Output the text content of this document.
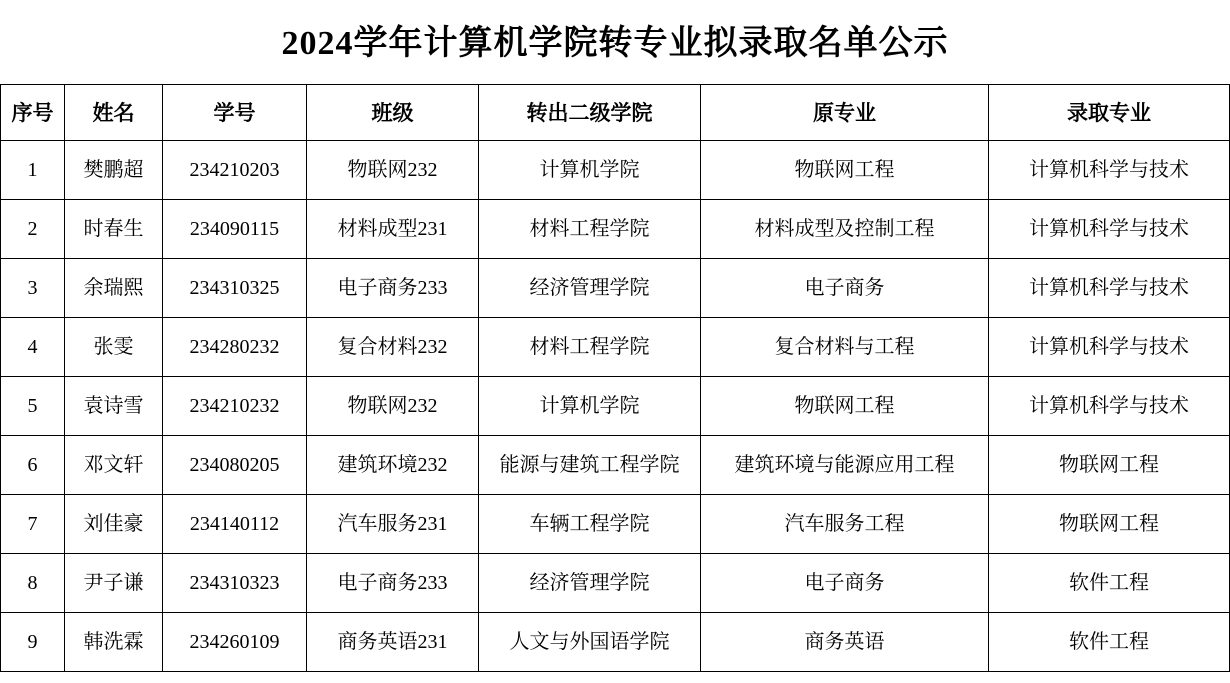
2024学年计算机学院转专业拟录取名单公示
序号	姓名	学号	班级	转出二级学院	原专业	录取专业
1	樊鹏超	234210203	物联网232	计算机学院	物联网工程	计算机科学与技术
2	时春生	234090115	材料成型231	材料工程学院	材料成型及控制工程	计算机科学与技术
3	余瑞熙	234310325	电子商务233	经济管理学院	电子商务	计算机科学与技术
4	张雯	234280232	复合材料232	材料工程学院	复合材料与工程	计算机科学与技术
5	袁诗雪	234210232	物联网232	计算机学院	物联网工程	计算机科学与技术
6	邓文轩	234080205	建筑环境232	能源与建筑工程学院	建筑环境与能源应用工程	物联网工程
7	刘佳豪	234140112	汽车服务231	车辆工程学院	汽车服务工程	物联网工程
8	尹子谦	234310323	电子商务233	经济管理学院	电子商务	软件工程
9	韩洗霖	234260109	商务英语231	人文与外国语学院	商务英语	软件工程
